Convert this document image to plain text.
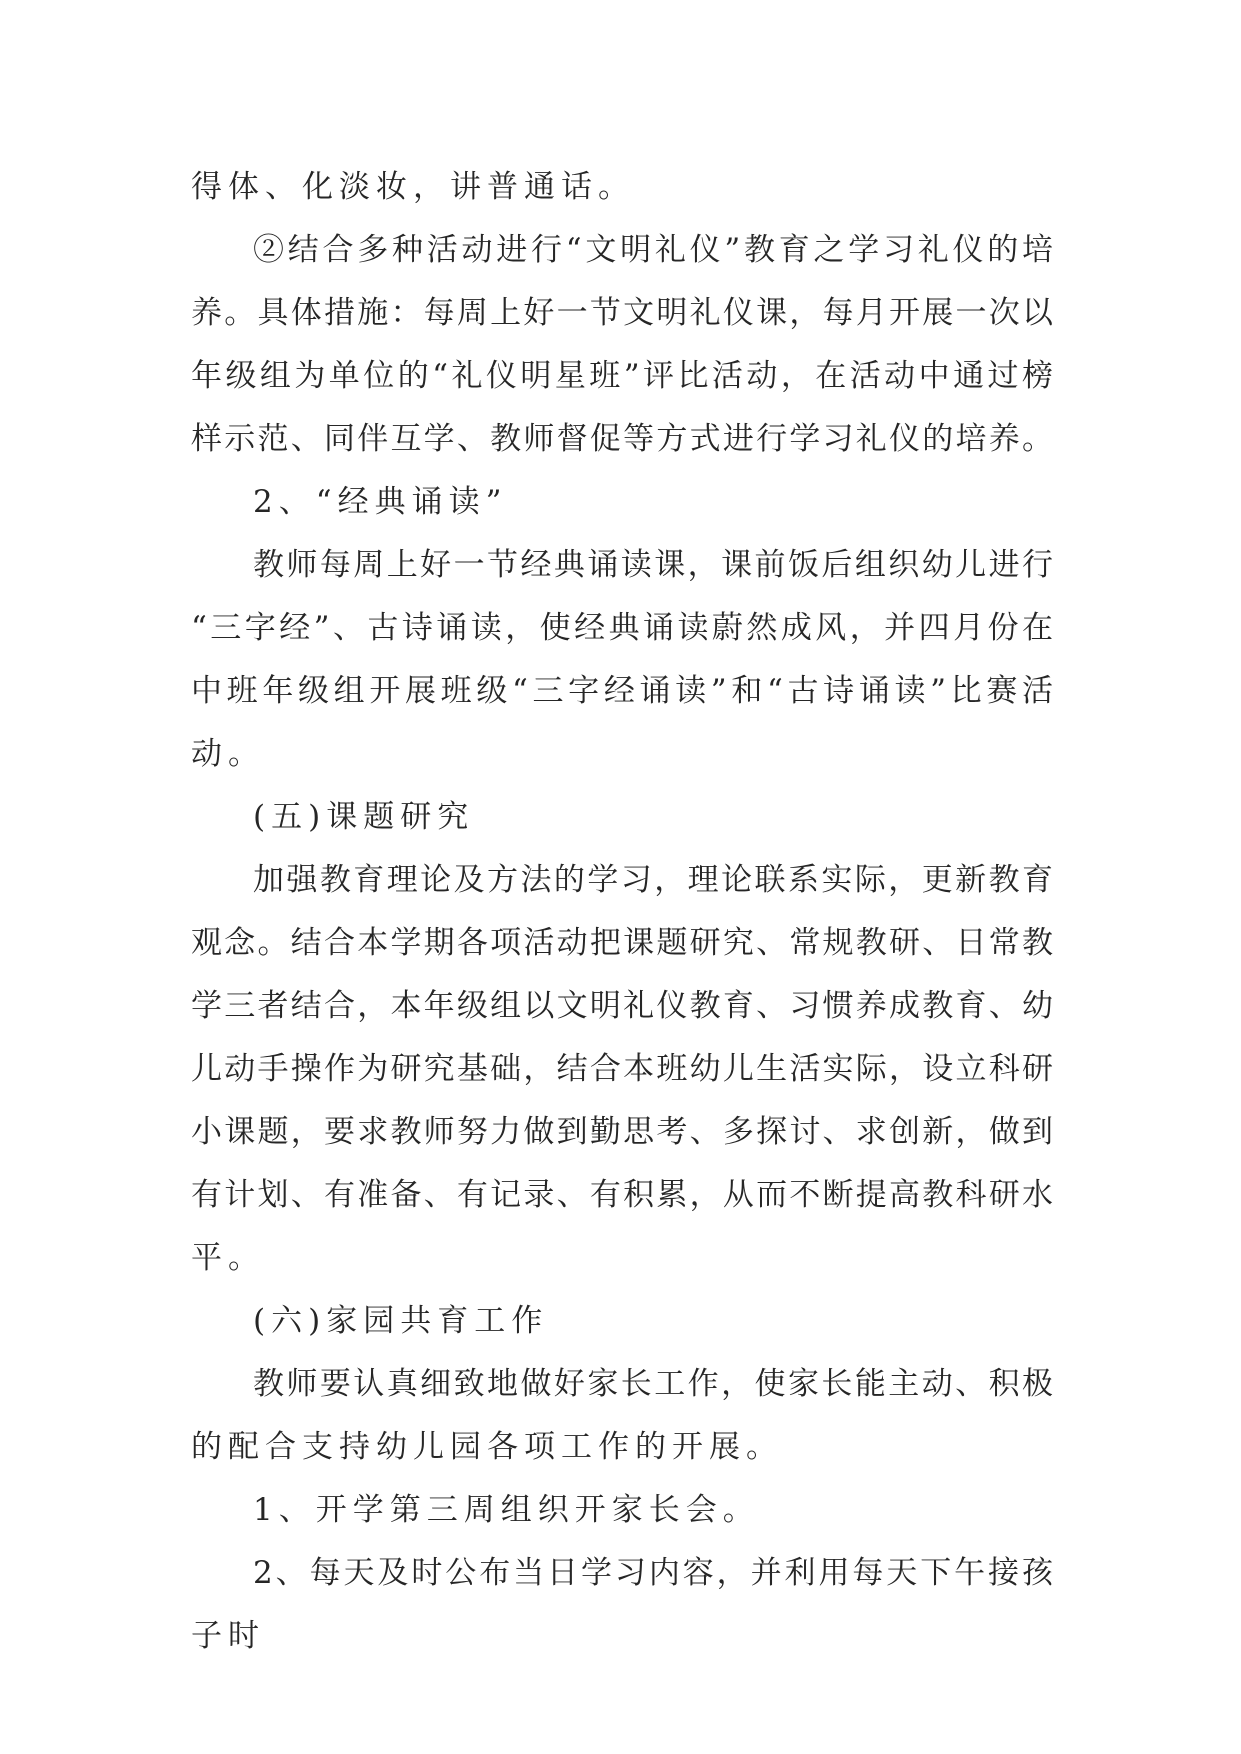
得体、化淡妆，讲普通话。
②结合多种活动进行“文明礼仪”教育之学习礼仪的培
养。具体措施：每周上好一节文明礼仪课，每月开展一次以
年级组为单位的“礼仪明星班”评比活动，在活动中通过榜
样示范、同伴互学、教师督促等方式进行学习礼仪的培养。
2、“经典诵读”
教师每周上好一节经典诵读课，课前饭后组织幼儿进行
“三字经”、古诗诵读，使经典诵读蔚然成风，并四月份在
中班年级组开展班级“三字经诵读”和“古诗诵读”比赛活
动。
(五)课题研究
加强教育理论及方法的学习，理论联系实际，更新教育
观念。结合本学期各项活动把课题研究、常规教研、日常教
学三者结合，本年级组以文明礼仪教育、习惯养成教育、幼
儿动手操作为研究基础，结合本班幼儿生活实际，设立科研
小课题，要求教师努力做到勤思考、多探讨、求创新，做到
有计划、有准备、有记录、有积累，从而不断提高教科研水
平。
(六)家园共育工作
教师要认真细致地做好家长工作，使家长能主动、积极
的配合支持幼儿园各项工作的开展。
1、开学第三周组织开家长会。
2、每天及时公布当日学习内容，并利用每天下午接孩
子时
